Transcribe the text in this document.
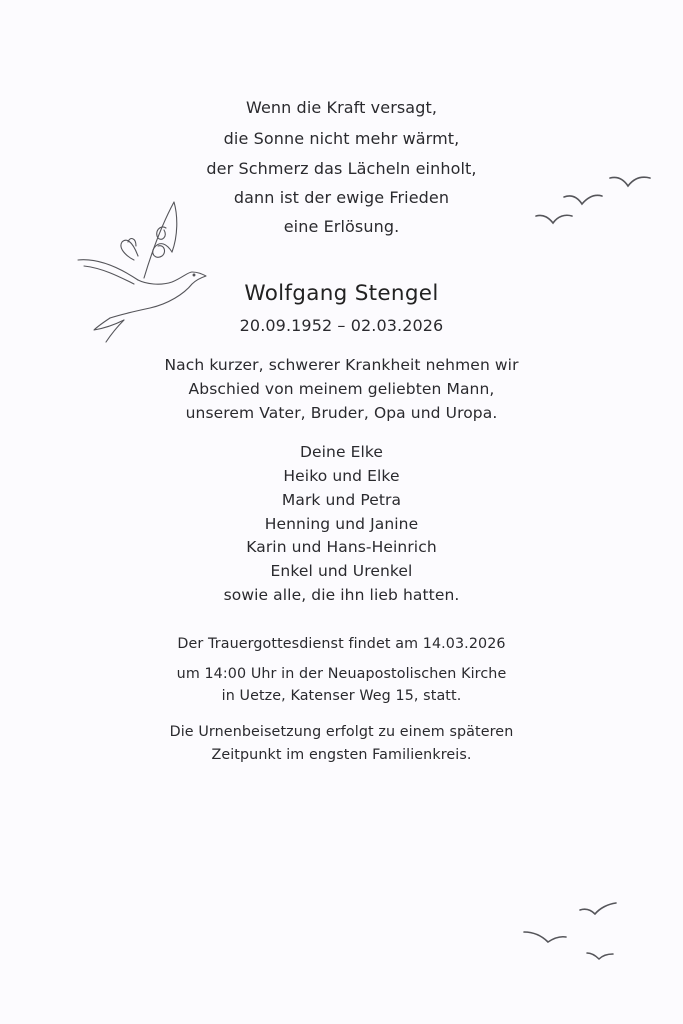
Wenn die Kraft versagt,
die Sonne nicht mehr wärmt,
der Schmerz das Lächeln einholt,
dann ist der ewige Frieden
eine Erlösung.
Wolfgang Stengel
20.09.1952 – 02.03.2026
Nach kurzer, schwerer Krankheit nehmen wir
Abschied von meinem geliebten Mann,
unserem Vater, Bruder, Opa und Uropa.
Deine Elke
Heiko und Elke
Mark und Petra
Henning und Janine
Karin und Hans-Heinrich
Enkel und Urenkel
sowie alle, die ihn lieb hatten.
Der Trauergottesdienst findet am 14.03.2026
um 14:00 Uhr in der Neuapostolischen Kirche
in Uetze, Katenser Weg 15, statt.
Die Urnenbeisetzung erfolgt zu einem späteren
Zeitpunkt im engsten Familienkreis.
